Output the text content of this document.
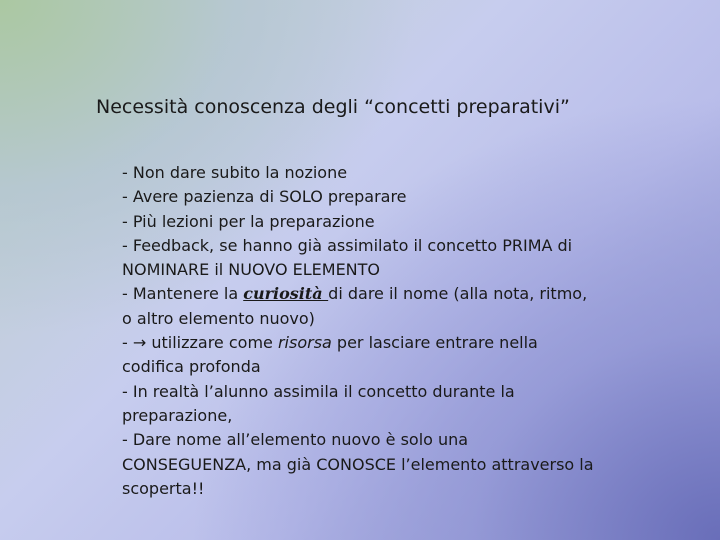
Necessità conoscenza degli “concetti preparativi”
- Non dare subito la nozione
- Avere pazienza di SOLO preparare
- Più lezioni per la preparazione
- Feedback, se hanno già assimilato il concetto PRIMA di NOMINARE il NUOVO ELEMENTO
- Mantenere la curiosità di dare il nome (alla nota, ritmo, o altro elemento nuovo)
- → utilizzare come risorsa per lasciare entrare nella codifica profonda
- In realtà l’alunno assimila il concetto durante la preparazione,
- Dare nome all’elemento nuovo è solo una CONSEGUENZA, ma già CONOSCE l’elemento attraverso la scoperta!!
